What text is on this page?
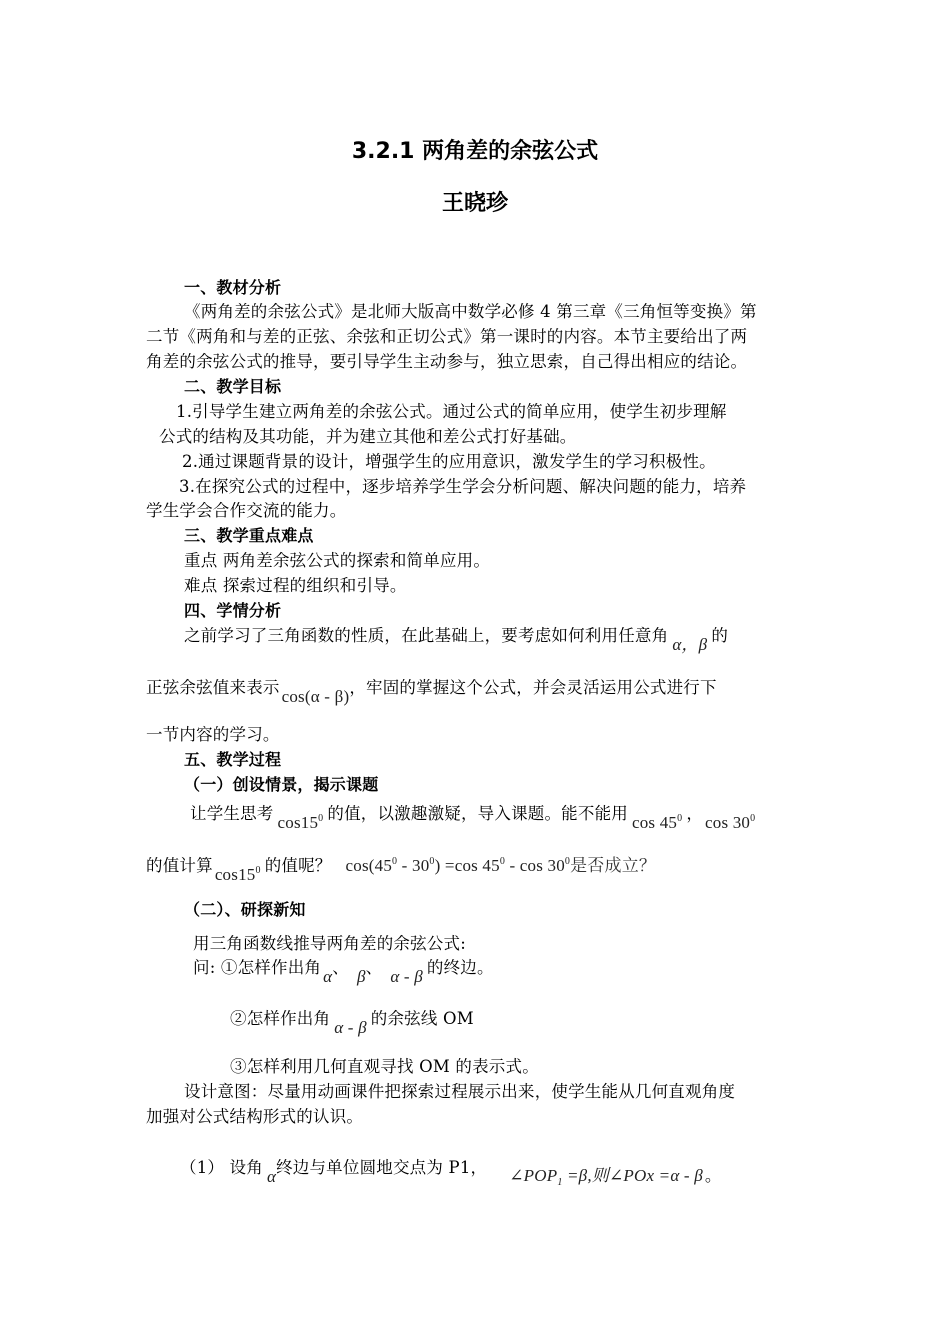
3.2.1 两角差的余弦公式
王晓珍
一、教材分析
《两角差的余弦公式》是北师大版高中数学必修 4 第三章《三角恒等变换》第
二节《两角和与差的正弦、余弦和正切公式》第一课时的内容。本节主要给出了两
角差的余弦公式的推导，要引导学生主动参与，独立思索，自己得出相应的结论。
二、教学目标
1.引导学生建立两角差的余弦公式。通过公式的简单应用，使学生初步理解
公式的结构及其功能，并为建立其他和差公式打好基础。
2.通过课题背景的设计，增强学生的应用意识，激发学生的学习积极性。
3.在探究公式的过程中，逐步培养学生学会分析问题、解决问题的能力，培养
学生学会合作交流的能力。
三、教学重点难点
重点 两角差余弦公式的探索和简单应用。
难点 探索过程的组织和引导。
四、学情分析
之前学习了三角函数的性质，在此基础上，要考虑如何利用任意角 α，β 的
正弦余弦值来表示 cos(α - β)，牢固的掌握这个公式，并会灵活运用公式进行下
一节内容的学习。
五、教学过程
（一）创设情景，揭示课题
让学生思考 $\cos 15^0$ 的值，以激趣激疑，导入课题。能不能用 $\cos 45^0$ ， $\cos 30^0$
的值计算 $\cos 15^0$ 的值呢？ $\cos(45^0 - 30^0) =\cos$ $45^0$ - $\cos 30^0$是否成立？
（二）、研探新知
用三角函数线推导两角差的余弦公式:
问: ①怎样作出角 α、 β、 α - β 的终边。
②怎样作出角 α - β 的余弦线 OM
③怎样利用几何直观寻找 OM 的表示式。
设计意图：尽量用动画课件把探索过程展示出来，使学生能从几何直观角度
加强对公式结构形式的认识。
（1） 设角 α终边与单位圆地交点为 P1， $\angle POP_1 =\beta$,则∠POx =α - β 。
